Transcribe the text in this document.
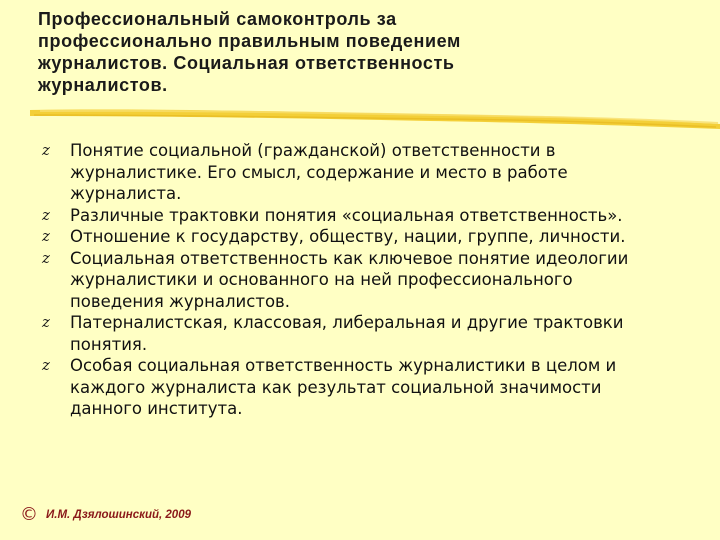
Профессиональный самоконтроль за
профессионально правильным поведением
журналистов. Социальная ответственность
журналистов.
z	Понятие социальной (гражданской) ответственности в
журналистике. Его смысл, содержание и место в работе
журналиста.
z	Различные трактовки понятия «социальная ответственность».
z	Отношение к государству, обществу, нации, группе, личности.
z	Социальная ответственность как ключевое понятие идеологии
журналистики и основанного на ней профессионального
поведения журналистов.
z	Патерналистская, классовая, либеральная и другие трактовки
понятия.
z	Особая социальная ответственность журналистики в целом и
каждого журналиста как результат социальной значимости
данного института.
© И.М. Дзялошинский, 2009
